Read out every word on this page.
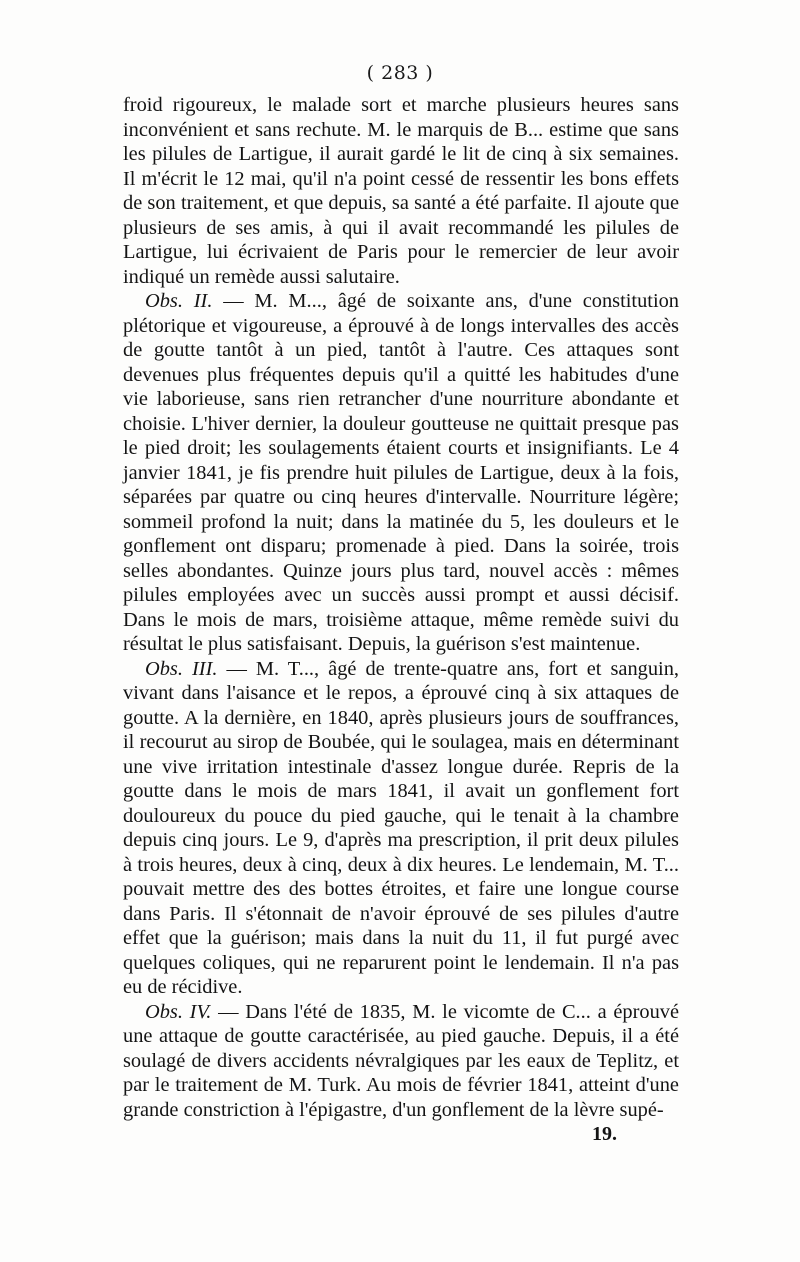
( 283 )

froid rigoureux, le malade sort et marche plusieurs heures sans inconvénient et sans rechute. M. le marquis de B... estime que sans les pilules de Lartigue, il aurait gardé le lit de cinq à six semaines. Il m'écrit le 12 mai, qu'il n'a point cessé de ressentir les bons effets de son traitement, et que depuis, sa santé a été parfaite. Il ajoute que plusieurs de ses amis, à qui il avait recommandé les pilules de Lartigue, lui écrivaient de Paris pour le remercier de leur avoir indiqué un remède aussi salutaire.

Obs. II. — M. M..., âgé de soixante ans, d'une constitution plétorique et vigoureuse, a éprouvé à de longs intervalles des accès de goutte tantôt à un pied, tantôt à l'autre. Ces attaques sont devenues plus fréquentes depuis qu'il a quitté les habitudes d'une vie laborieuse, sans rien retrancher d'une nourriture abondante et choisie. L'hiver dernier, la douleur goutteuse ne quittait presque pas le pied droit; les soulagements étaient courts et insignifiants. Le 4 janvier 1841, je fis prendre huit pilules de Lartigue, deux à la fois, séparées par quatre ou cinq heures d'intervalle. Nourriture légère; sommeil profond la nuit; dans la matinée du 5, les douleurs et le gonflement ont disparu; promenade à pied. Dans la soirée, trois selles abondantes. Quinze jours plus tard, nouvel accès : mêmes pilules employées avec un succès aussi prompt et aussi décisif. Dans le mois de mars, troisième attaque, même remède suivi du résultat le plus satisfaisant. Depuis, la guérison s'est maintenue.

Obs. III. — M. T..., âgé de trente-quatre ans, fort et sanguin, vivant dans l'aisance et le repos, a éprouvé cinq à six attaques de goutte. A la dernière, en 1840, après plusieurs jours de souffrances, il recourut au sirop de Boubée, qui le soulagea, mais en déterminant une vive irritation intestinale d'assez longue durée. Repris de la goutte dans le mois de mars 1841, il avait un gonflement fort douloureux du pouce du pied gauche, qui le tenait à la chambre depuis cinq jours. Le 9, d'après ma prescription, il prit deux pilules à trois heures, deux à cinq, deux à dix heures. Le lendemain, M. T... pouvait mettre des des bottes étroites, et faire une longue course dans Paris. Il s'étonnait de n'avoir éprouvé de ses pilules d'autre effet que la guérison; mais dans la nuit du 11, il fut purgé avec quelques coliques, qui ne reparurent point le lendemain. Il n'a pas eu de récidive.

Obs. IV. — Dans l'été de 1835, M. le vicomte de C... a éprouvé une attaque de goutte caractérisée, au pied gauche. Depuis, il a été soulagé de divers accidents névralgiques par les eaux de Teplitz, et par le traitement de M. Turk. Au mois de février 1841, atteint d'une grande constriction à l'épigastre, d'un gonflement de la lèvre supé-

19.
